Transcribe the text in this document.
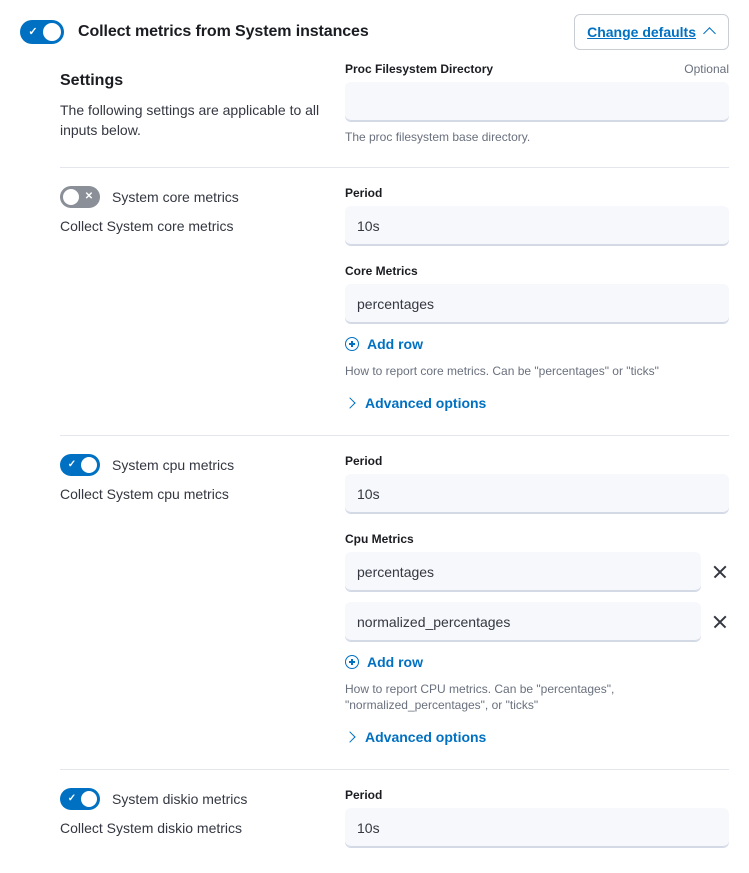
✓	Collect metrics from System instances	Change defaults

Settings

The following settings are applicable to all inputs below.

Proc Filesystem Directory	Optional
The proc filesystem base directory.
✕	System core metrics
Collect System core metrics
Period
10s
Core Metrics
percentages
Add row
How to report core metrics. Can be "percentages" or "ticks"
Advanced options
✓	System cpu metrics
Collect System cpu metrics
Period
10s
Cpu Metrics
percentages
normalized_percentages
Add row
How to report CPU metrics. Can be "percentages", "normalized_percentages", or "ticks"
Advanced options
✓	System diskio metrics
Collect System diskio metrics
Period
10s
